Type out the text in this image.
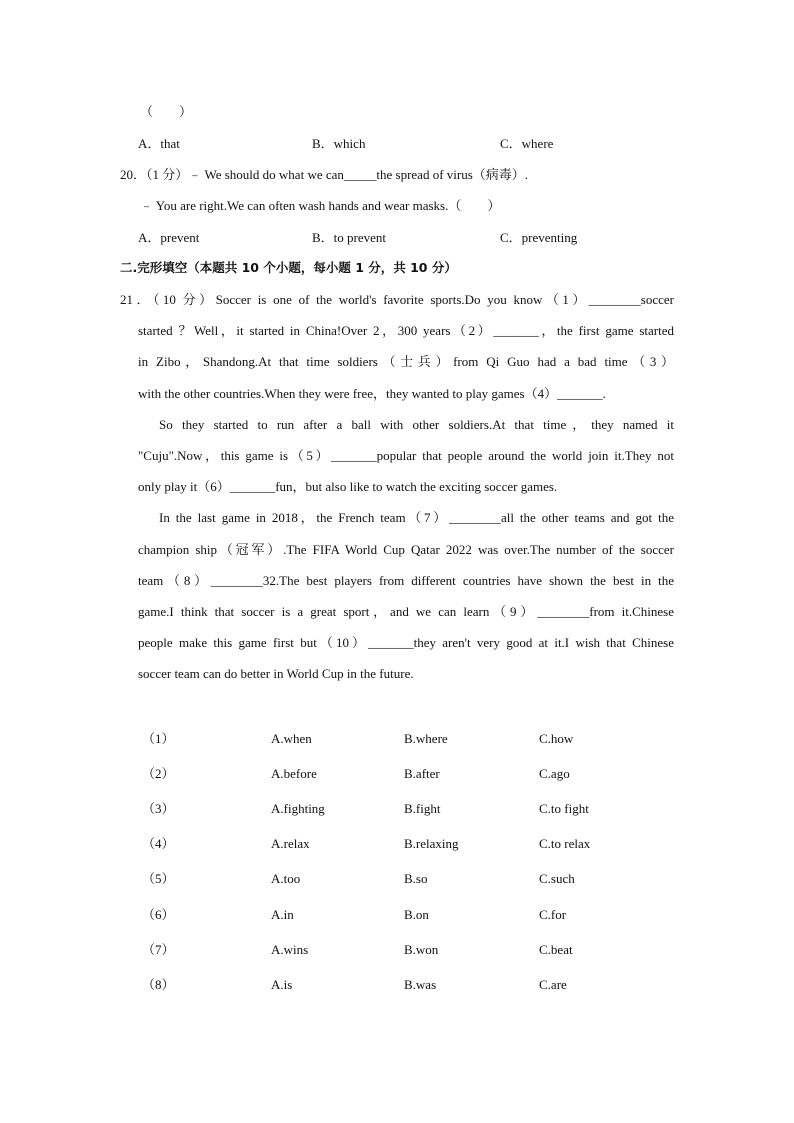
（　　）
A．that	B．which	C．where
20．（1 分）﹣ We should do what we can_____the spread of virus（病毒）.
﹣ You are right.We can often wash hands and wear masks.（　　）
A．prevent	B．to prevent	C．preventing
二.完形填空（本题共 10 个小题，每小题 1 分，共 10 分）
21．（10 分）Soccer is one of the world's favorite sports.Do you know（1）________soccer
started ？Well，it started in China!Over 2，300 years（2）_______，the first game started
in Zibo，Shandong.At that time soldiers（士兵）from Qi Guo had a bad time（3）
with the other countries.When they were free，they wanted to play games（4）_______.
So they started to run after a ball with other soldiers.At that time，they named it
"Cuju".Now，this game is（5）_______popular that people around the world join it.They not
only play it（6）_______fun，but also like to watch the exciting soccer games.
In the last game in 2018，the French team（7）________all the other teams and got the
champion ship（冠军）.The FIFA World Cup Qatar 2022 was over.The number of the soccer
team（8）________32.The best players from different countries have shown the best in the
game.I think that soccer is a great sport，and we can learn（9）________from it.Chinese
people make this game first but（10）_______they aren't very good at it.I wish that Chinese
soccer team can do better in World Cup in the future.
（1）	A.when	B.where	C.how
（2）	A.before	B.after	C.ago
（3）	A.fighting	B.fight	C.to fight
（4）	A.relax	B.relaxing	C.to relax
（5）	A.too	B.so	C.such
（6）	A.in	B.on	C.for
（7）	A.wins	B.won	C.beat
（8）	A.is	B.was	C.are
